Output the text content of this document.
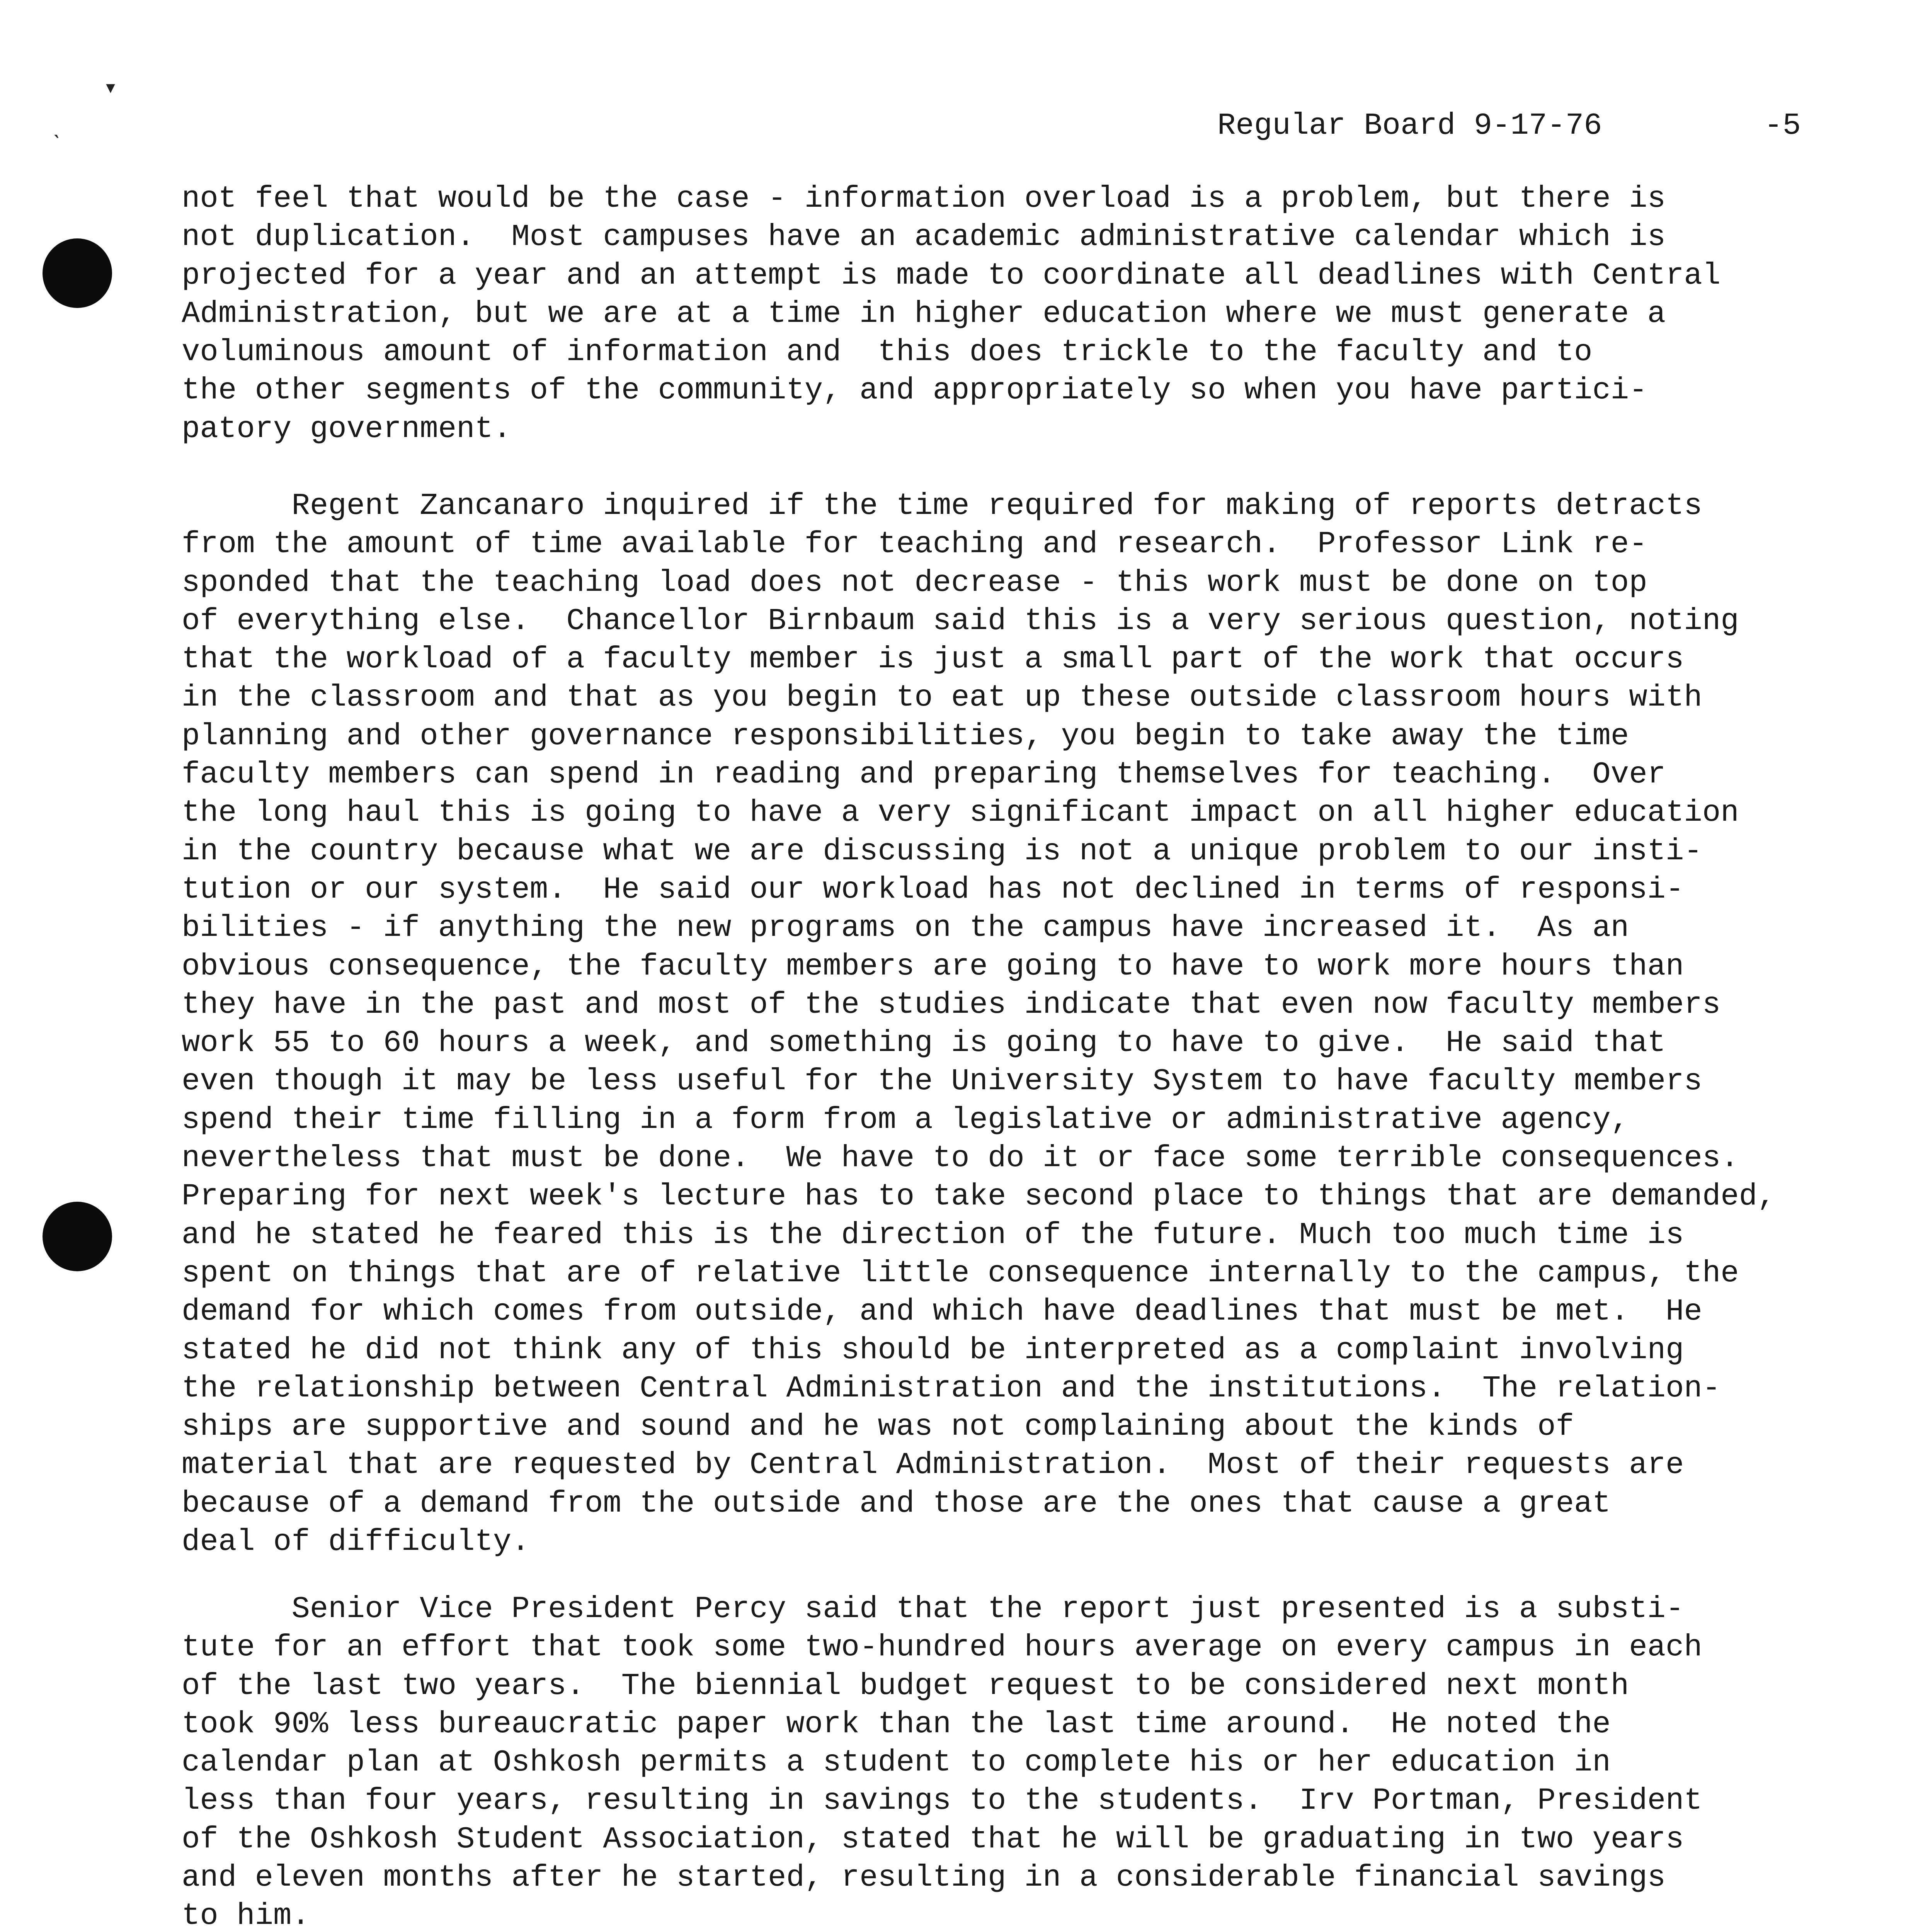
▾
ˎ	Regular Board 9-17-76	-5
not feel that would be the case - information overload is a problem, but there is
not duplication.  Most campuses have an academic administrative calendar which is
projected for a year and an attempt is made to coordinate all deadlines with Central
Administration, but we are at a time in higher education where we must generate a
voluminous amount of information and  this does trickle to the faculty and to
the other segments of the community, and appropriately so when you have partici-
patory government.
Regent Zancanaro inquired if the time required for making of reports detracts
from the amount of time available for teaching and research.  Professor Link re-
sponded that the teaching load does not decrease - this work must be done on top
of everything else.  Chancellor Birnbaum said this is a very serious question, noting
that the workload of a faculty member is just a small part of the work that occurs
in the classroom and that as you begin to eat up these outside classroom hours with
planning and other governance responsibilities, you begin to take away the time
faculty members can spend in reading and preparing themselves for teaching.  Over
the long haul this is going to have a very significant impact on all higher education
in the country because what we are discussing is not a unique problem to our insti-
tution or our system.  He said our workload has not declined in terms of responsi-
bilities - if anything the new programs on the campus have increased it.  As an
obvious consequence, the faculty members are going to have to work more hours than
they have in the past and most of the studies indicate that even now faculty members
work 55 to 60 hours a week, and something is going to have to give.  He said that
even though it may be less useful for the University System to have faculty members
spend their time filling in a form from a legislative or administrative agency,
nevertheless that must be done.  We have to do it or face some terrible consequences.
Preparing for next week's lecture has to take second place to things that are demanded,
and he stated he feared this is the direction of the future. Much too much time is
spent on things that are of relative little consequence internally to the campus, the
demand for which comes from outside, and which have deadlines that must be met.  He
stated he did not think any of this should be interpreted as a complaint involving
the relationship between Central Administration and the institutions.  The relation-
ships are supportive and sound and he was not complaining about the kinds of
material that are requested by Central Administration.  Most of their requests are
because of a demand from the outside and those are the ones that cause a great
deal of difficulty.
Senior Vice President Percy said that the report just presented is a substi-
tute for an effort that took some two-hundred hours average on every campus in each
of the last two years.  The biennial budget request to be considered next month
took 90% less bureaucratic paper work than the last time around.  He noted the
calendar plan at Oshkosh permits a student to complete his or her education in
less than four years, resulting in savings to the students.  Irv Portman, President
of the Oshkosh Student Association, stated that he will be graduating in two years
and eleven months after he started, resulting in a considerable financial savings
to him.
